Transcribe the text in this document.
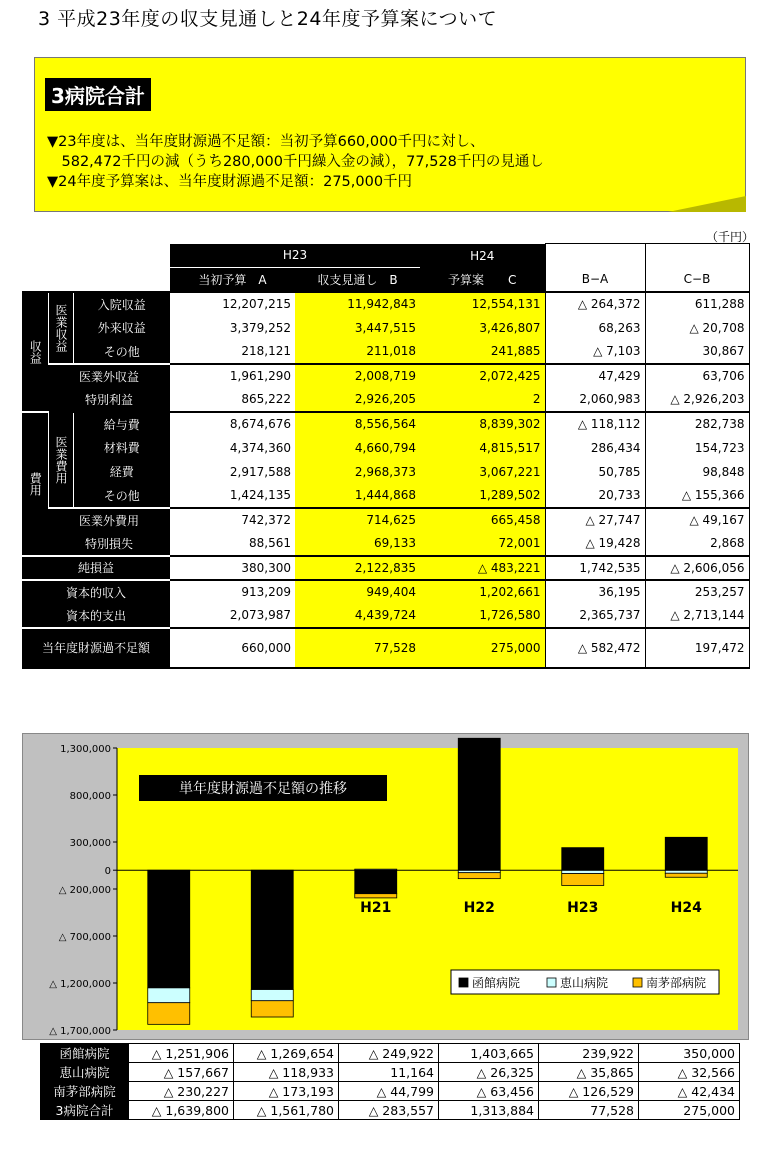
3 平成23年度の収支見通しと24年度予算案について
3病院合計
▼23年度は、当年度財源過不足額：当初予算660,000千円に対し、
　582,472千円の減（うち280,000千円繰入金の減），77,528千円の見通し
▼24年度予算案は、当年度財源過不足額：275,000千円
（千円）
			H23		H24		
			当初予算　A	収支見通し　B	予算案　　C	B−A	C−B
収益	医業収益	入院収益	12,207,215	11,942,843	12,554,131	△ 264,372	611,288
		外来収益	3,379,252	3,447,515	3,426,807	68,263	△ 20,708
		その他	218,121	211,018	241,885	△ 7,103	30,867
	医業外収益		1,961,290	2,008,719	2,072,425	47,429	63,706
	特別利益		865,222	2,926,205	2	2,060,983	△ 2,926,203
費用	医業費用	給与費	8,674,676	8,556,564	8,839,302	△ 118,112	282,738
		材料費	4,374,360	4,660,794	4,815,517	286,434	154,723
		経費	2,917,588	2,968,373	3,067,221	50,785	98,848
		その他	1,424,135	1,444,868	1,289,502	20,733	△ 155,366
	医業外費用		742,372	714,625	665,458	△ 27,747	△ 49,167
	特別損失		88,561	69,133	72,001	△ 19,428	2,868
純損益			380,300	2,122,835	△ 483,221	1,742,535	△ 2,606,056
資本的収入			913,209	949,404	1,202,661	36,195	253,257
資本的支出			2,073,987	4,439,724	1,726,580	2,365,737	△ 2,713,144
当年度財源過不足額			660,000	77,528	275,000	△ 582,472	197,472
1,300,000
800,000
300,000
0
△ 200,000
△ 700,000
△ 1,200,000
△ 1,700,000
H19	H20	H21	H22	H23	H24
単年度財源過不足額の推移
函館病院	恵山病院	南茅部病院
函館病院	△ 1,251,906	△ 1,269,654	△ 249,922	1,403,665	239,922	350,000
恵山病院	△ 157,667	△ 118,933	11,164	△ 26,325	△ 35,865	△ 32,566
南茅部病院	△ 230,227	△ 173,193	△ 44,799	△ 63,456	△ 126,529	△ 42,434
3病院合計	△ 1,639,800	△ 1,561,780	△ 283,557	1,313,884	77,528	275,000
